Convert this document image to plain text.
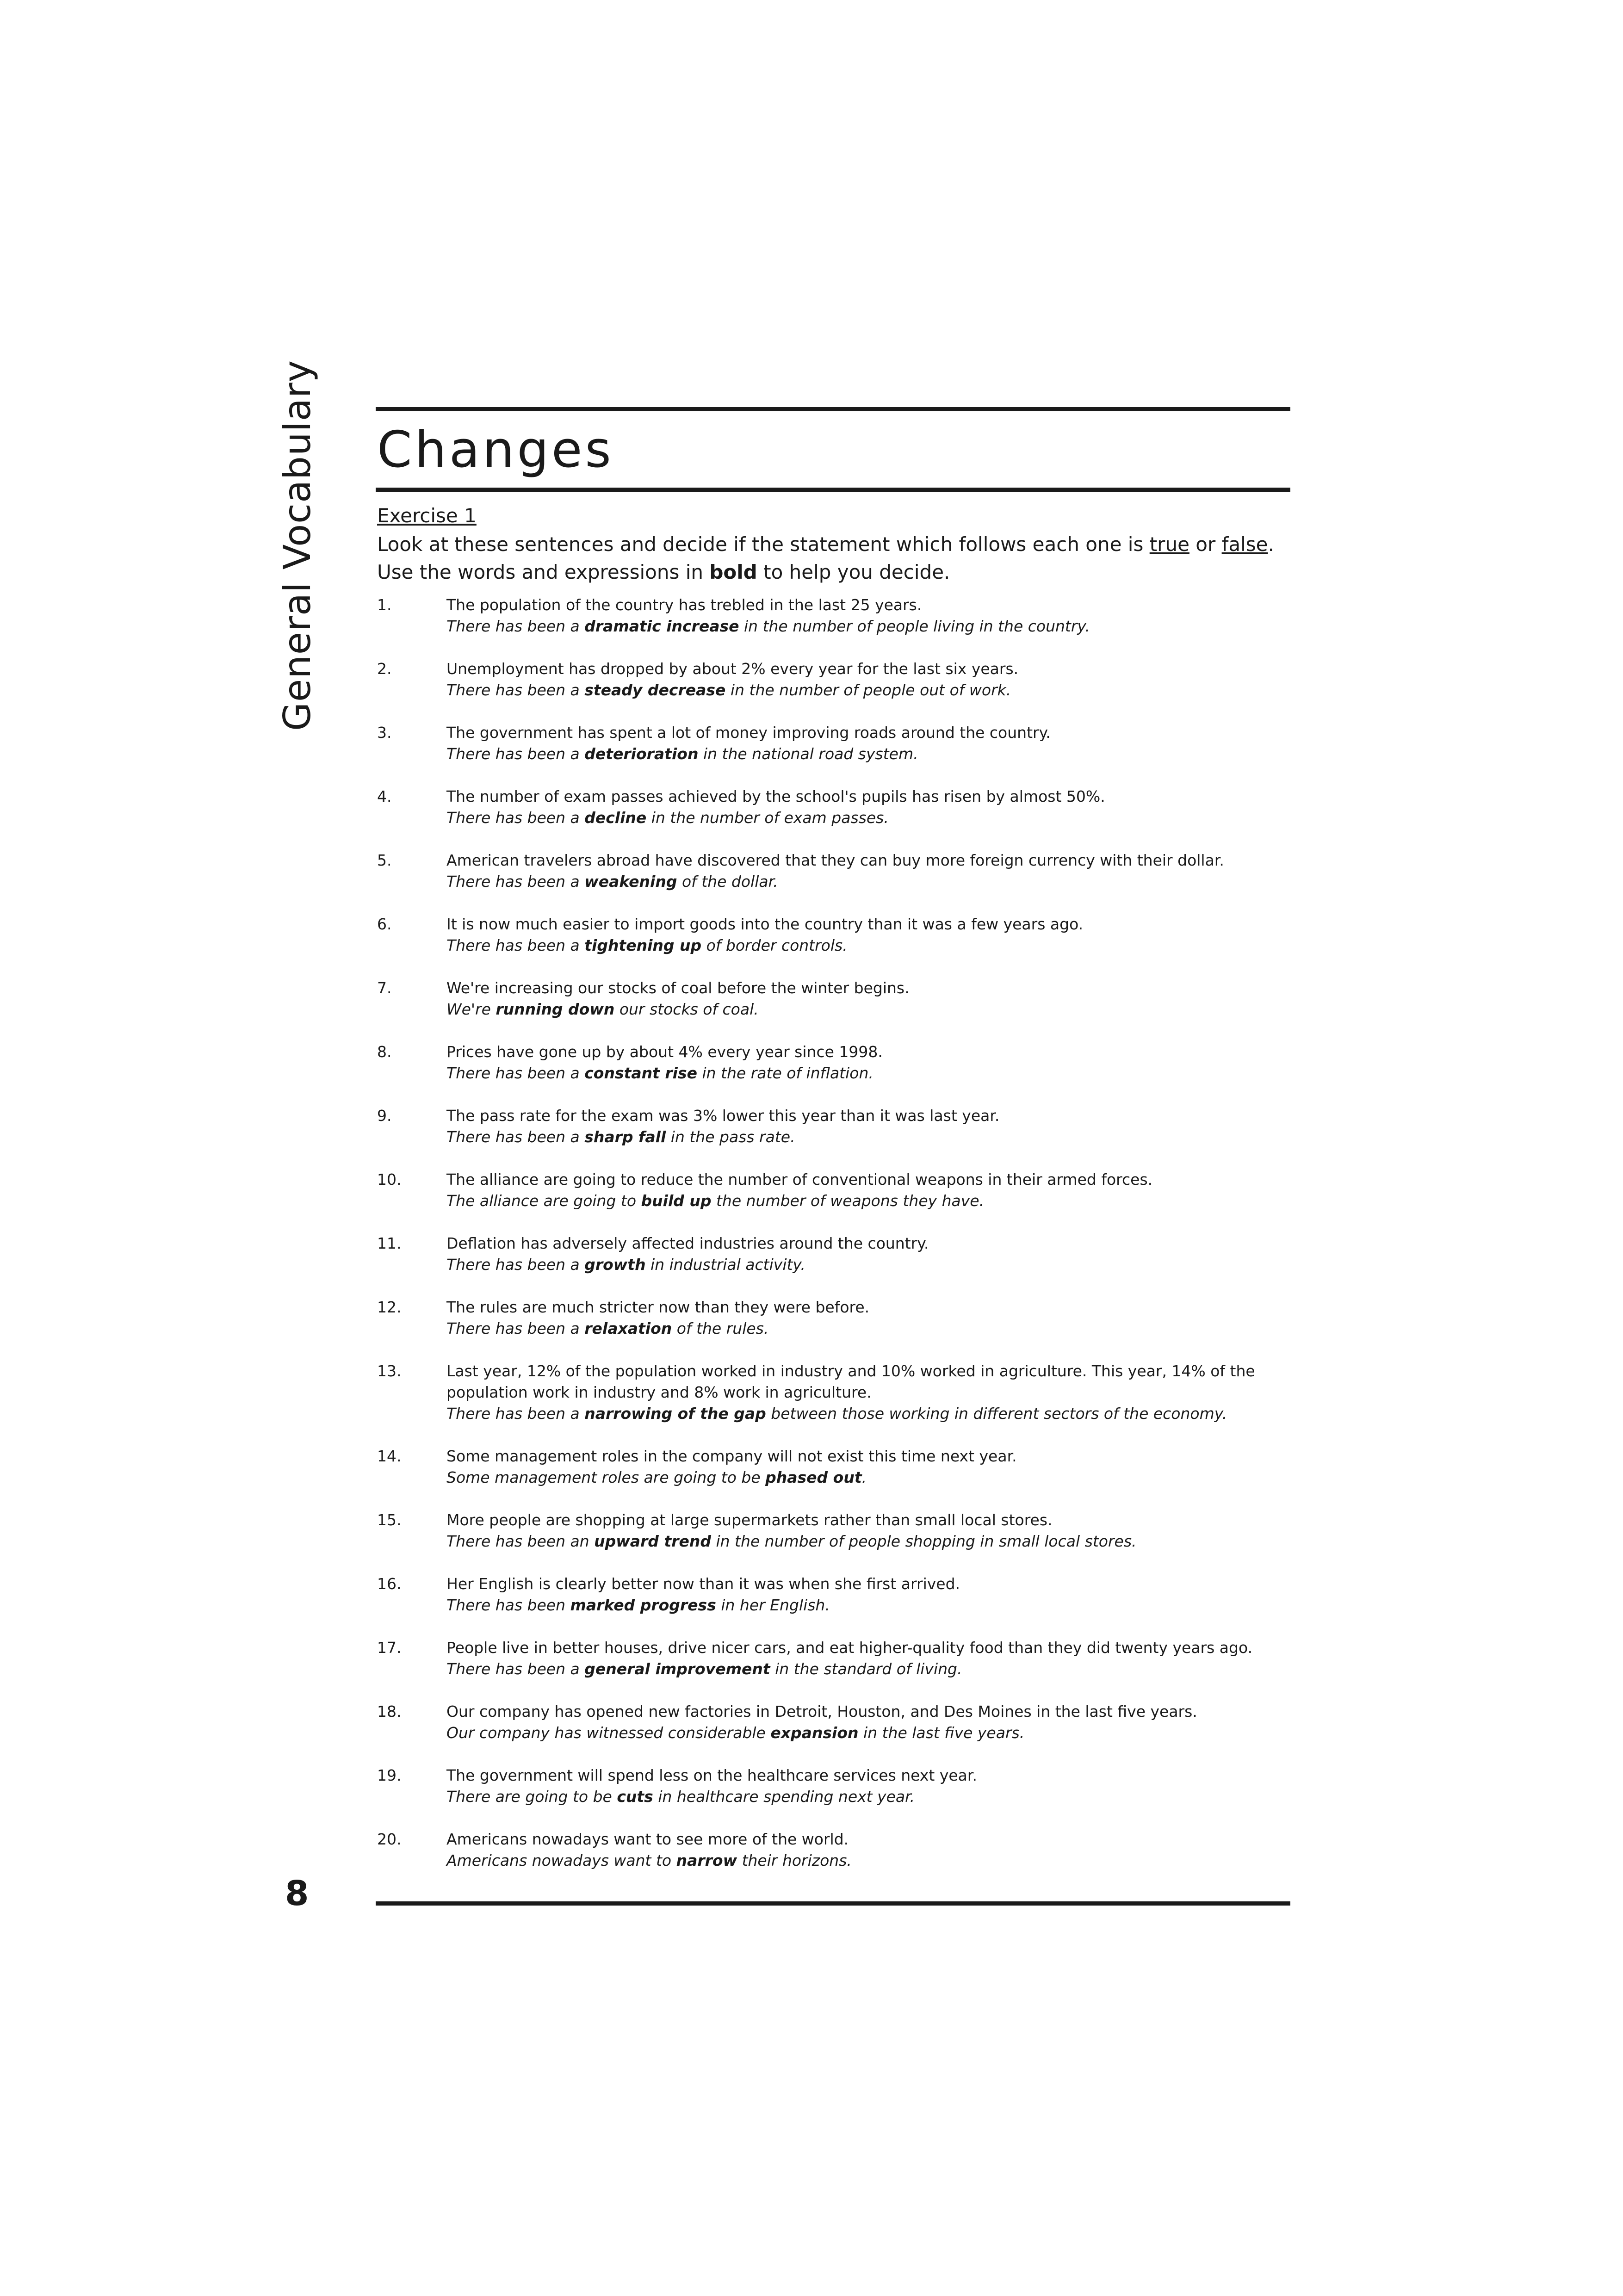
General Vocabulary Changes
Exercise 1
Look at these sentences and decide if the statement which follows each one is true or false. Use the words and expressions in bold to help you decide.
1.	The population of the country has trebled in the last 25 years.
There has been a dramatic increase in the number of people living in the country.
2.	Unemployment has dropped by about 2% every year for the last six years.
There has been a steady decrease in the number of people out of work.
3.	The government has spent a lot of money improving roads around the country.
There has been a deterioration in the national road system.
4.	The number of exam passes achieved by the school's pupils has risen by almost 50%.
There has been a decline in the number of exam passes.
5.	American travelers abroad have discovered that they can buy more foreign currency with their dollar.
There has been a weakening of the dollar.
6.	It is now much easier to import goods into the country than it was a few years ago.
There has been a tightening up of border controls.
7.	We're increasing our stocks of coal before the winter begins.
We're running down our stocks of coal.
8.	Prices have gone up by about 4% every year since 1998.
There has been a constant rise in the rate of inflation.
9.	The pass rate for the exam was 3% lower this year than it was last year.
There has been a sharp fall in the pass rate.
10.	The alliance are going to reduce the number of conventional weapons in their armed forces.
The alliance are going to build up the number of weapons they have.
11.	Deflation has adversely affected industries around the country.
There has been a growth in industrial activity.
12.	The rules are much stricter now than they were before.
There has been a relaxation of the rules.
13.	Last year, 12% of the population worked in industry and 10% worked in agriculture. This year, 14% of the population work in industry and 8% work in agriculture.
There has been a narrowing of the gap between those working in different sectors of the economy.
14.	Some management roles in the company will not exist this time next year.
Some management roles are going to be phased out.
15.	More people are shopping at large supermarkets rather than small local stores.
There has been an upward trend in the number of people shopping in small local stores.
16.	Her English is clearly better now than it was when she first arrived.
There has been marked progress in her English.
17.	People live in better houses, drive nicer cars, and eat higher-quality food than they did twenty years ago.
There has been a general improvement in the standard of living.
18.	Our company has opened new factories in Detroit, Houston, and Des Moines in the last five years.
Our company has witnessed considerable expansion in the last five years.
19.	The government will spend less on the healthcare services next year.
There are going to be cuts in healthcare spending next year.
20.	Americans nowadays want to see more of the world.
Americans nowadays want to narrow their horizons.
8
